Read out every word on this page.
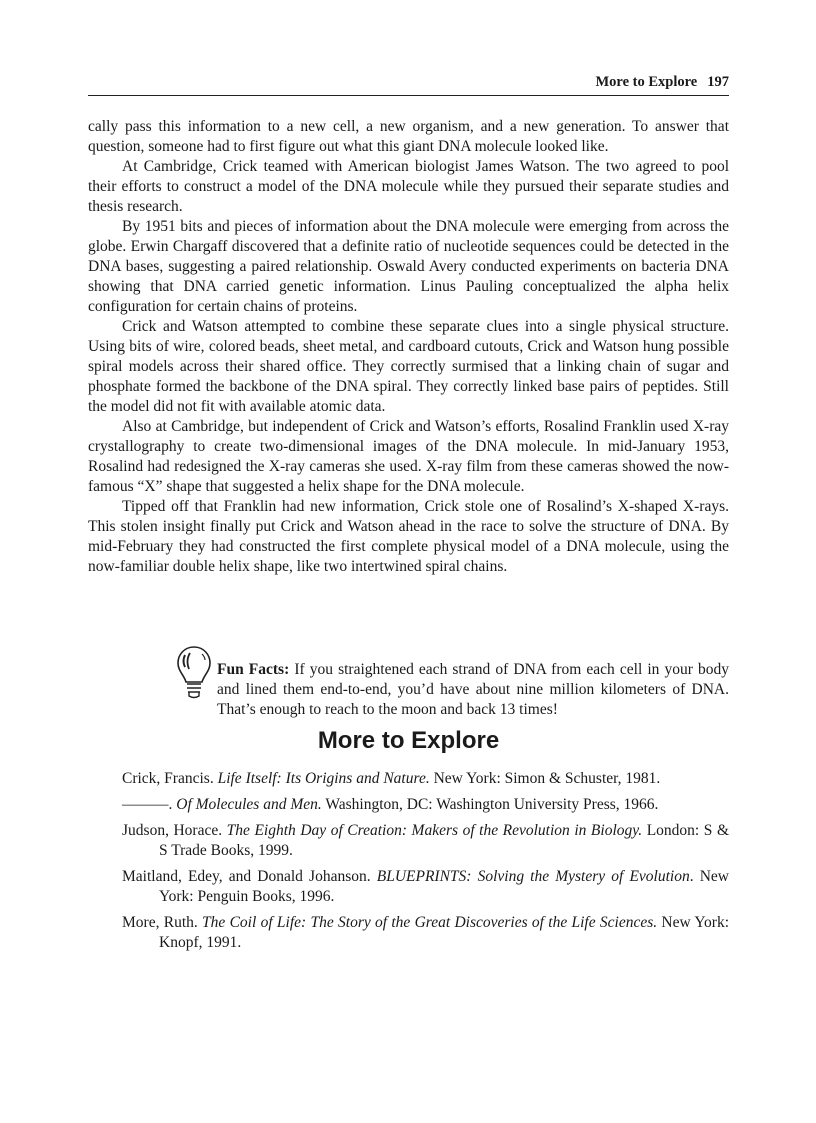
More to Explore 197

cally pass this information to a new cell, a new organism, and a new generation. To answer that question, someone had to first figure out what this giant DNA molecule looked like.

At Cambridge, Crick teamed with American biologist James Watson. The two agreed to pool their efforts to construct a model of the DNA molecule while they pursued their separate studies and thesis research.

By 1951 bits and pieces of information about the DNA molecule were emerging from across the globe. Erwin Chargaff discovered that a definite ratio of nucleotide sequences could be detected in the DNA bases, suggesting a paired relationship. Oswald Avery conducted experiments on bacteria DNA showing that DNA carried genetic information. Linus Pauling conceptualized the alpha helix configuration for certain chains of proteins.

Crick and Watson attempted to combine these separate clues into a single physical structure. Using bits of wire, colored beads, sheet metal, and cardboard cutouts, Crick and Watson hung possible spiral models across their shared office. They correctly surmised that a linking chain of sugar and phosphate formed the backbone of the DNA spiral. They correctly linked base pairs of peptides. Still the model did not fit with available atomic data.

Also at Cambridge, but independent of Crick and Watson’s efforts, Rosalind Franklin used X-ray crystallography to create two-dimensional images of the DNA molecule. In mid-January 1953, Rosalind had redesigned the X-ray cameras she used. X-ray film from these cameras showed the now-famous “X” shape that suggested a helix shape for the DNA molecule.

Tipped off that Franklin had new information, Crick stole one of Rosalind’s X-shaped X-rays. This stolen insight finally put Crick and Watson ahead in the race to solve the structure of DNA. By mid-February they had constructed the first complete physical model of a DNA molecule, using the now-familiar double helix shape, like two intertwined spiral chains.

Fun Facts: If you straightened each strand of DNA from each cell in your body and lined them end-to-end, you’d have about nine million kilometers of DNA. That’s enough to reach to the moon and back 13 times!

More to Explore

Crick, Francis. Life Itself: Its Origins and Nature. New York: Simon & Schuster, 1981.

———. Of Molecules and Men. Washington, DC: Washington University Press, 1966.

Judson, Horace. The Eighth Day of Creation: Makers of the Revolution in Biology. London: S & S Trade Books, 1999.

Maitland, Edey, and Donald Johanson. BLUEPRINTS: Solving the Mystery of Evolution. New York: Penguin Books, 1996.

More, Ruth. The Coil of Life: The Story of the Great Discoveries of the Life Sciences. New York: Knopf, 1991.
